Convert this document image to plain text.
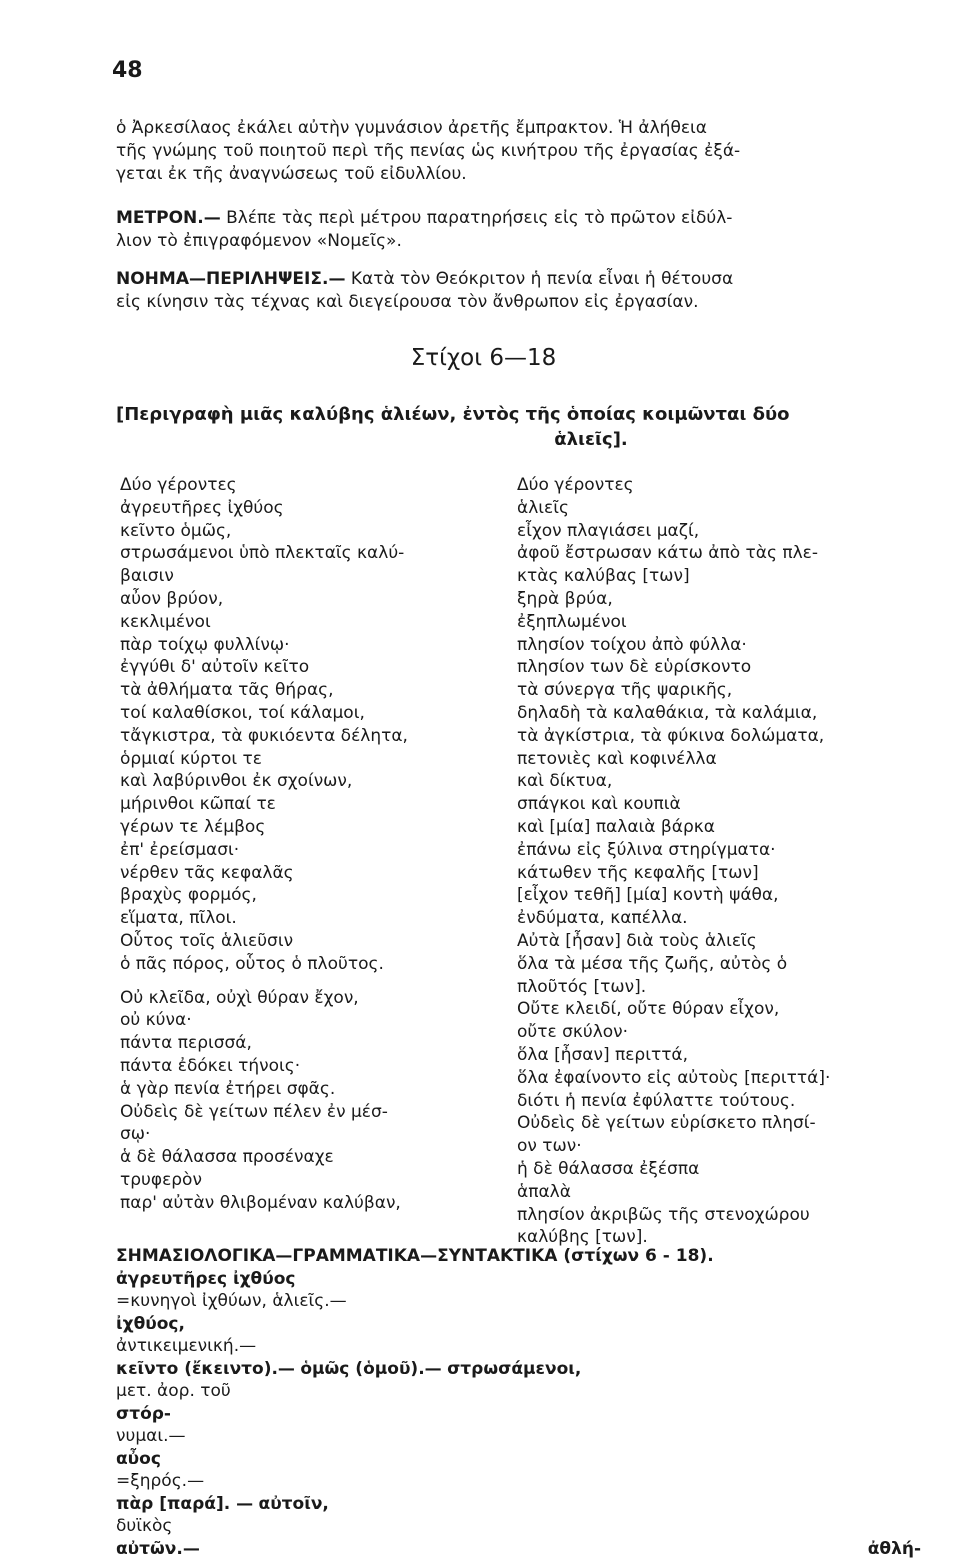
48
ὁ Ἀρκεσίλαος ἐκάλει αὐτὴν γυμνάσιον ἀρετῆς ἔμπρακτον. Ἡ ἀλήθεια
τῆς γνώμης τοῦ ποιητοῦ περὶ τῆς πενίας ὡς κινήτρου τῆς ἐργασίας ἐξά-
γεται ἐκ τῆς ἀναγνώσεως τοῦ εἰδυλλίου.
ΜΕΤΡΟΝ.— Βλέπε τὰς περὶ μέτρου παρατηρήσεις εἰς τὸ πρῶτον εἰδύλ-
λιον τὸ ἐπιγραφόμενον «Νομεῖς».
ΝΟΗΜΑ—ΠΕΡΙΛΗΨΕΙΣ.— Κατὰ τὸν Θεόκριτον ἡ πενία εἶναι ἡ θέτουσα
εἰς κίνησιν τὰς τέχνας καὶ διεγείρουσα τὸν ἄνθρωπον εἰς ἐργασίαν.
Στίχοι 6—18
[Περιγραφὴ μιᾶς καλύβης ἁλιέων, ἐντὸς τῆς ὁποίας κοιμῶνται δύο
ἁλιεῖς].
Δύο γέροντες
ἀγρευτῆρες ἰχθύος
κεῖντο ὁμῶς,
στρωσάμενοι ὑπὸ πλεκταῖς καλύ-
βαισιν
αὖον βρύον,
κεκλιμένοι
πὰρ τοίχῳ φυλλίνῳ·
ἐγγύθι δ' αὐτοῖν κεῖτο
τὰ ἀθλήματα τᾶς θήρας,
τοί καλαθίσκοι, τοί κάλαμοι,
τἄγκιστρα, τὰ φυκιόεντα δέλητα,
ὁρμιαί κύρτοι τε
καὶ λαβύρινθοι ἐκ σχοίνων,
μήρινθοι κῶπαί τε
γέρων τε λέμβος
ἐπ' ἐρείσμασι·
νέρθεν τᾶς κεφαλᾶς
βραχὺς φορμός,
εἵματα, πῖλοι.
Οὗτος τοῖς ἁλιεῦσιν
ὁ πᾶς πόρος, οὗτος ὁ πλοῦτος.
Οὐ κλεῖδα, οὐχὶ θύραν ἔχον,
οὐ κύνα·
πάντα περισσά,
πάντα ἐδόκει τήνοις·
ἁ γὰρ πενία ἐτήρει σφᾶς.
Οὐδεὶς δὲ γείτων πέλεν ἐν μέσ-
σῳ·
ἁ δὲ θάλασσα προσέναχε
τρυφερὸν
παρ' αὐτὰν θλιβομέναν καλύβαν,
Δύο γέροντες
ἁλιεῖς
εἶχον πλαγιάσει μαζί,
ἀφοῦ ἔστρωσαν κάτω ἀπὸ τὰς πλε-
κτὰς καλύβας [των]
ξηρὰ βρύα,
ἐξηπλωμένοι
πλησίον τοίχου ἀπὸ φύλλα·
πλησίον των δὲ εὑρίσκοντο
τὰ σύνεργα τῆς ψαρικῆς,
δηλαδὴ τὰ καλαθάκια, τὰ καλάμια,
τὰ ἀγκίστρια, τὰ φύκινα δολώματα,
πετονιὲς καὶ κοφινέλλα
καὶ δίκτυα,
σπάγκοι καὶ κουπιὰ
καὶ [μία] παλαιὰ βάρκα
ἐπάνω εἰς ξύλινα στηρίγματα·
κάτωθεν τῆς κεφαλῆς [των]
[εἶχον τεθῆ] [μία] κοντὴ ψάθα,
ἐνδύματα, καπέλλα.
Αὐτὰ [ἦσαν] διὰ τοὺς ἁλιεῖς
ὅλα τὰ μέσα τῆς ζωῆς, αὐτὸς ὁ
πλοῦτός [των].
Οὔτε κλειδί, οὔτε θύραν εἶχον,
οὔτε σκύλον·
ὅλα [ἦσαν] περιττά,
ὅλα ἐφαίνοντο εἰς αὐτοὺς [περιττά]·
διότι ἡ πενία ἐφύλαττε τούτους.
Οὐδεὶς δὲ γείτων εὑρίσκετο πλησί-
ον των·
ἡ δὲ θάλασσα ἐξέσπα
ἁπαλὰ
πλησίον ἀκριβῶς τῆς στενοχώρου
καλύβης [των].
ΣΗΜΑΣΙΟΛΟΓΙΚΑ—ΓΡΑΜΜΑΤΙΚΑ—ΣΥΝΤΑΚΤΙΚΑ (στίχων 6 - 18).
ἀγρευτῆρες ἰχθύος
=κυνηγοὶ ἰχθύων, ἁλιεῖς.—
ἰχθύος,
ἀντικειμενική.—
κεῖντο (ἔκειντο).— ὁμῶς (ὁμοῦ).— στρωσάμενοι,
μετ. ἀορ. τοῦ
στόρ-
νυμαι.—
αὖος
=ξηρός.—
πὰρ [παρά]. — αὐτοῖν,
δυϊκὸς
αὐτῶν.—	ἀθλή-
